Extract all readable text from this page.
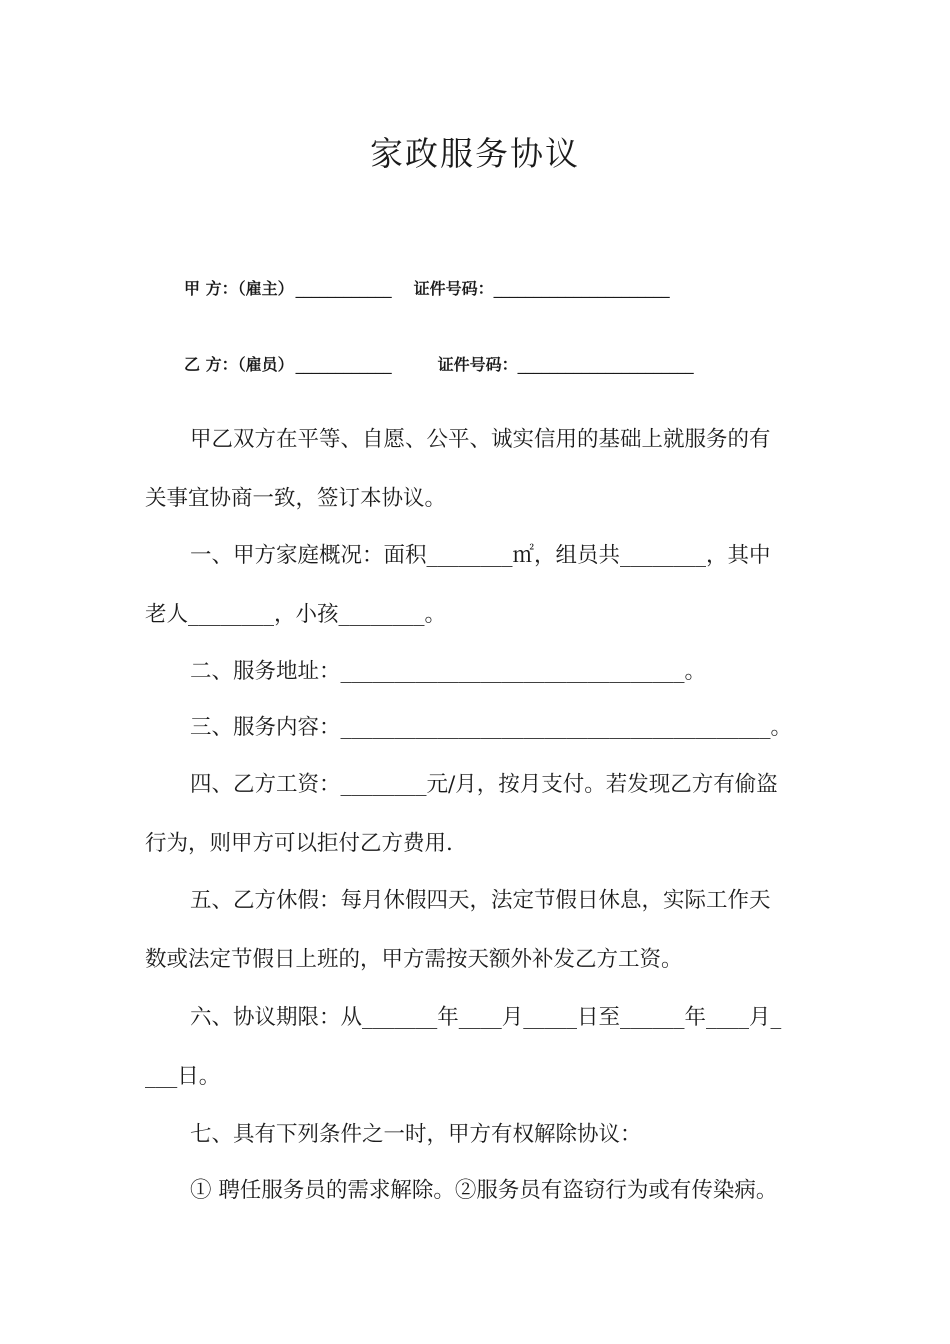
家政服务协议
甲 方：（雇主） ____________ 证件号码： ______________________
乙 方：（雇员） ____________	证件号码： ______________________
甲乙双方在平等、自愿、公平、诚实信用的基础上就服务的有
关事宜协商一致，签订本协议。
一、甲方家庭概况：面积________㎡，组员共________，其中
老人________，小孩________。
二、服务地址：________________________________。
三、服务内容：________________________________________。
四、乙方工资：________元/月，按月支付。若发现乙方有偷盗
行为，则甲方可以拒付乙方费用.
五、乙方休假：每月休假四天，法定节假日休息，实际工作天
数或法定节假日上班的，甲方需按天额外补发乙方工资。
六、协议期限：从_______年____月_____日至______年____月_
___日。
七、具有下列条件之一时，甲方有权解除协议：
① 聘任服务员的需求解除。②服务员有盗窃行为或有传染病。
